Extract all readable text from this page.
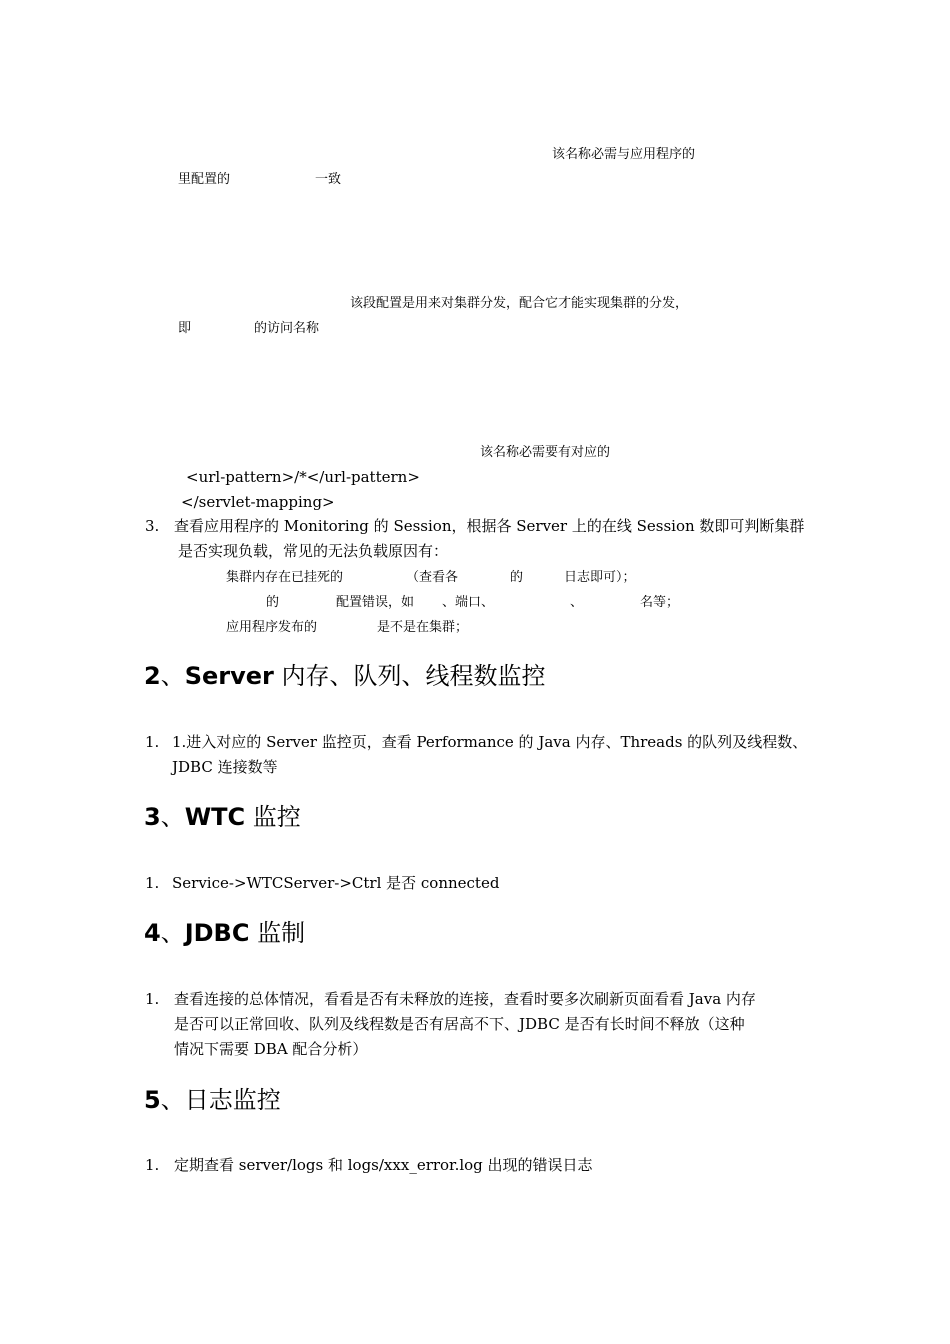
该名称必需与应用程序的
里配置的	一致
该段配置是用来对集群分发，配合它才能实现集群的分发，
即	的访问名称
该名称必需要有对应的
<url-pattern>/*</url-pattern>
</servlet-mapping>
3. 查看应用程序的 Monitoring 的 Session，根据各 Server 上的在线 Session 数即可判断集群
是否实现负载，常见的无法负载原因有：
集群内存在已挂死的	（查看各	的	日志即可）；
的	配置错误，如 、端口、	、	名等；
应用程序发布的	是不是在集群；
2、Server 内存、队列、线程数监控
1. 1.进入对应的 Server 监控页，查看 Performance 的 Java 内存、Threads 的队列及线程数、
JDBC 连接数等
3、WTC 监控
1. Service->WTCServer->Ctrl 是否 connected
4、JDBC 监制
1. 查看连接的总体情况，看看是否有未释放的连接，查看时要多次刷新页面看看 Java 内存
是否可以正常回收、队列及线程数是否有居高不下、JDBC 是否有长时间不释放（这种
情况下需要 DBA 配合分析）
5、日志监控
1. 定期查看 server/logs 和 logs/xxx_error.log 出现的错误日志
